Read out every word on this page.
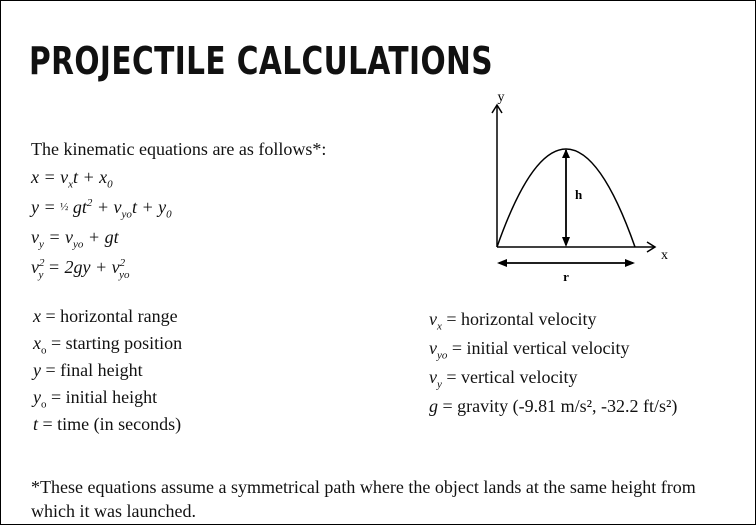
PROJECTILE CALCULATIONS
The kinematic equations are as follows*:
$x = v_xt + x_0$
y = ½ $gt^2 + v_{yo}t + y_0$
$v_y = v_{yo}$ + gt
$v^2_y = 2gy + v^2_{yo}$
x = horizontal range
$x_o$ = starting position
y = final height
$y_o$ = initial height
t = time (in seconds)
$v_x$ = horizontal velocity
$v_{yo}$ = initial vertical velocity
$v_y$ = vertical velocity
g = gravity (-9.81 m/s², -32.2 ft/s²)
y
x
h
r
*These equations assume a symmetrical path where the object lands at the same height from which it was launched.
